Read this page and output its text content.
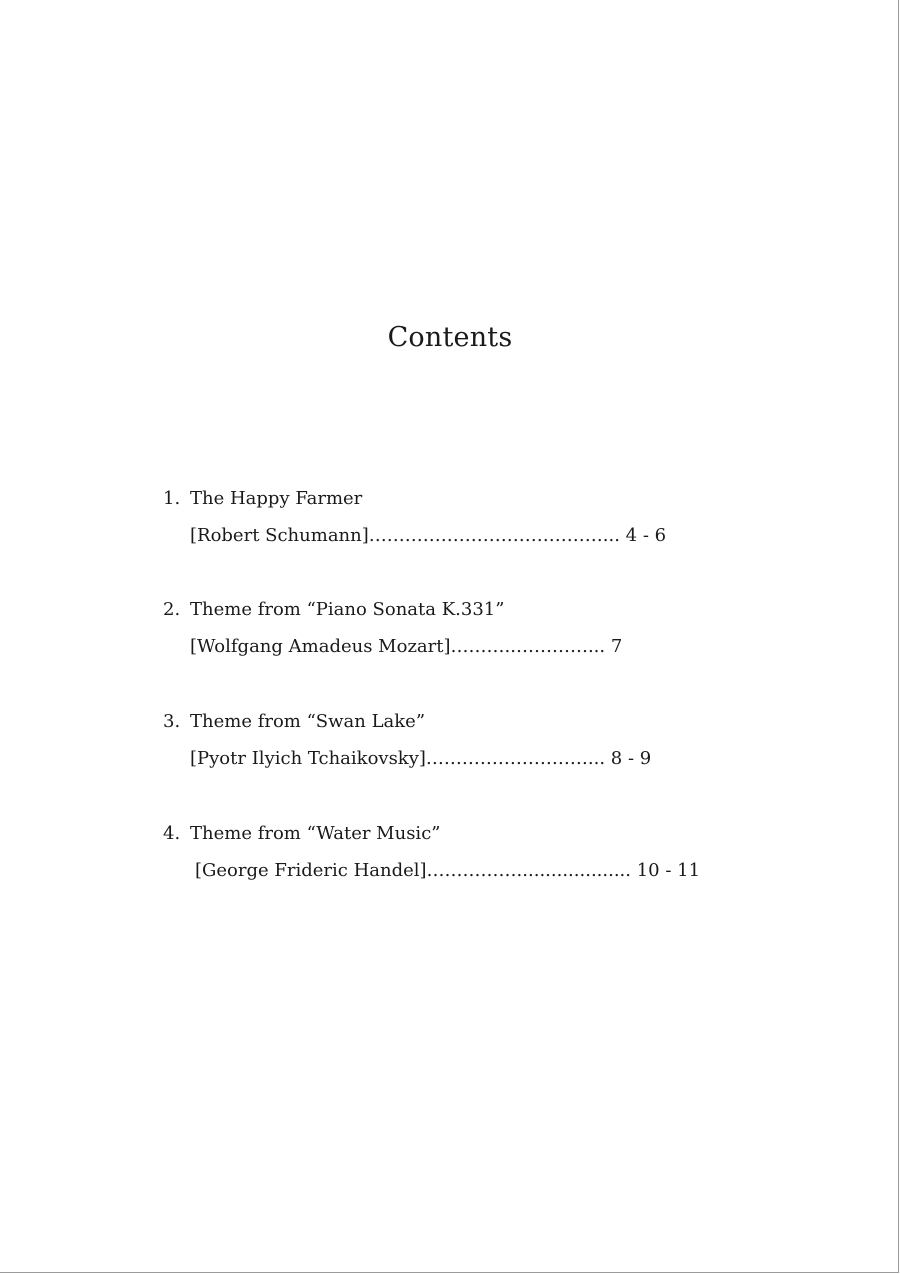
Contents
1. The Happy Farmer
[Robert Schumann]…………………………………... 4 - 6
2. Theme from “Piano Sonata K.331”
[Wolfgang Amadeus Mozart]………..…………... 7
3. Theme from “Swan Lake”
[Pyotr Ilyich Tchaikovsky]………………………... 8 - 9
4. Theme from “Water Music”
[George Frideric Handel]…………….................... 10 - 11
